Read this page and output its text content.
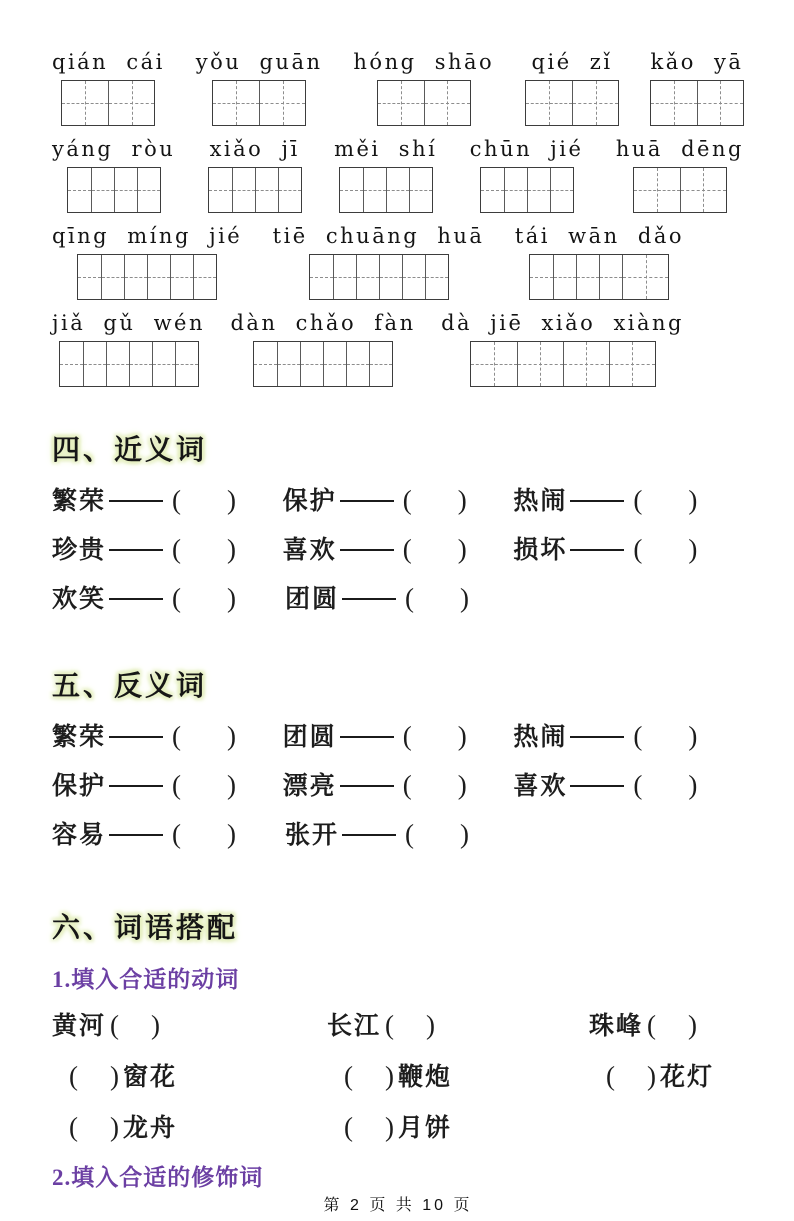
qián cái yǒu guān hóng shāo qié zǐ kǎo yā
yáng ròu xiǎo jī měi shí chūn jié huā dēng
qīng míng jié tiē chuāng huā tái wān dǎo
jiǎ gǔ wén dàn chǎo fàn dà jiē xiǎo xiàng
四、近义词
繁荣 ( )	保护 ( )	热闹 ( )
珍贵 ( )	喜欢 ( )	损坏 ( )
欢笑 ( )	团圆 ( )
五、反义词
繁荣 ( )	团圆 ( )	热闹 ( )
保护 ( )	漂亮 ( )	喜欢 ( )
容易 ( )	张开 ( )
六、词语搭配
1.填入合适的动词
黄河 ( )	长江 ( )	珠峰 ( )
( ) 窗花	( ) 鞭炮	( ) 花灯
( ) 龙舟	( ) 月饼
2.填入合适的修饰词
第 2 页 共 10 页
